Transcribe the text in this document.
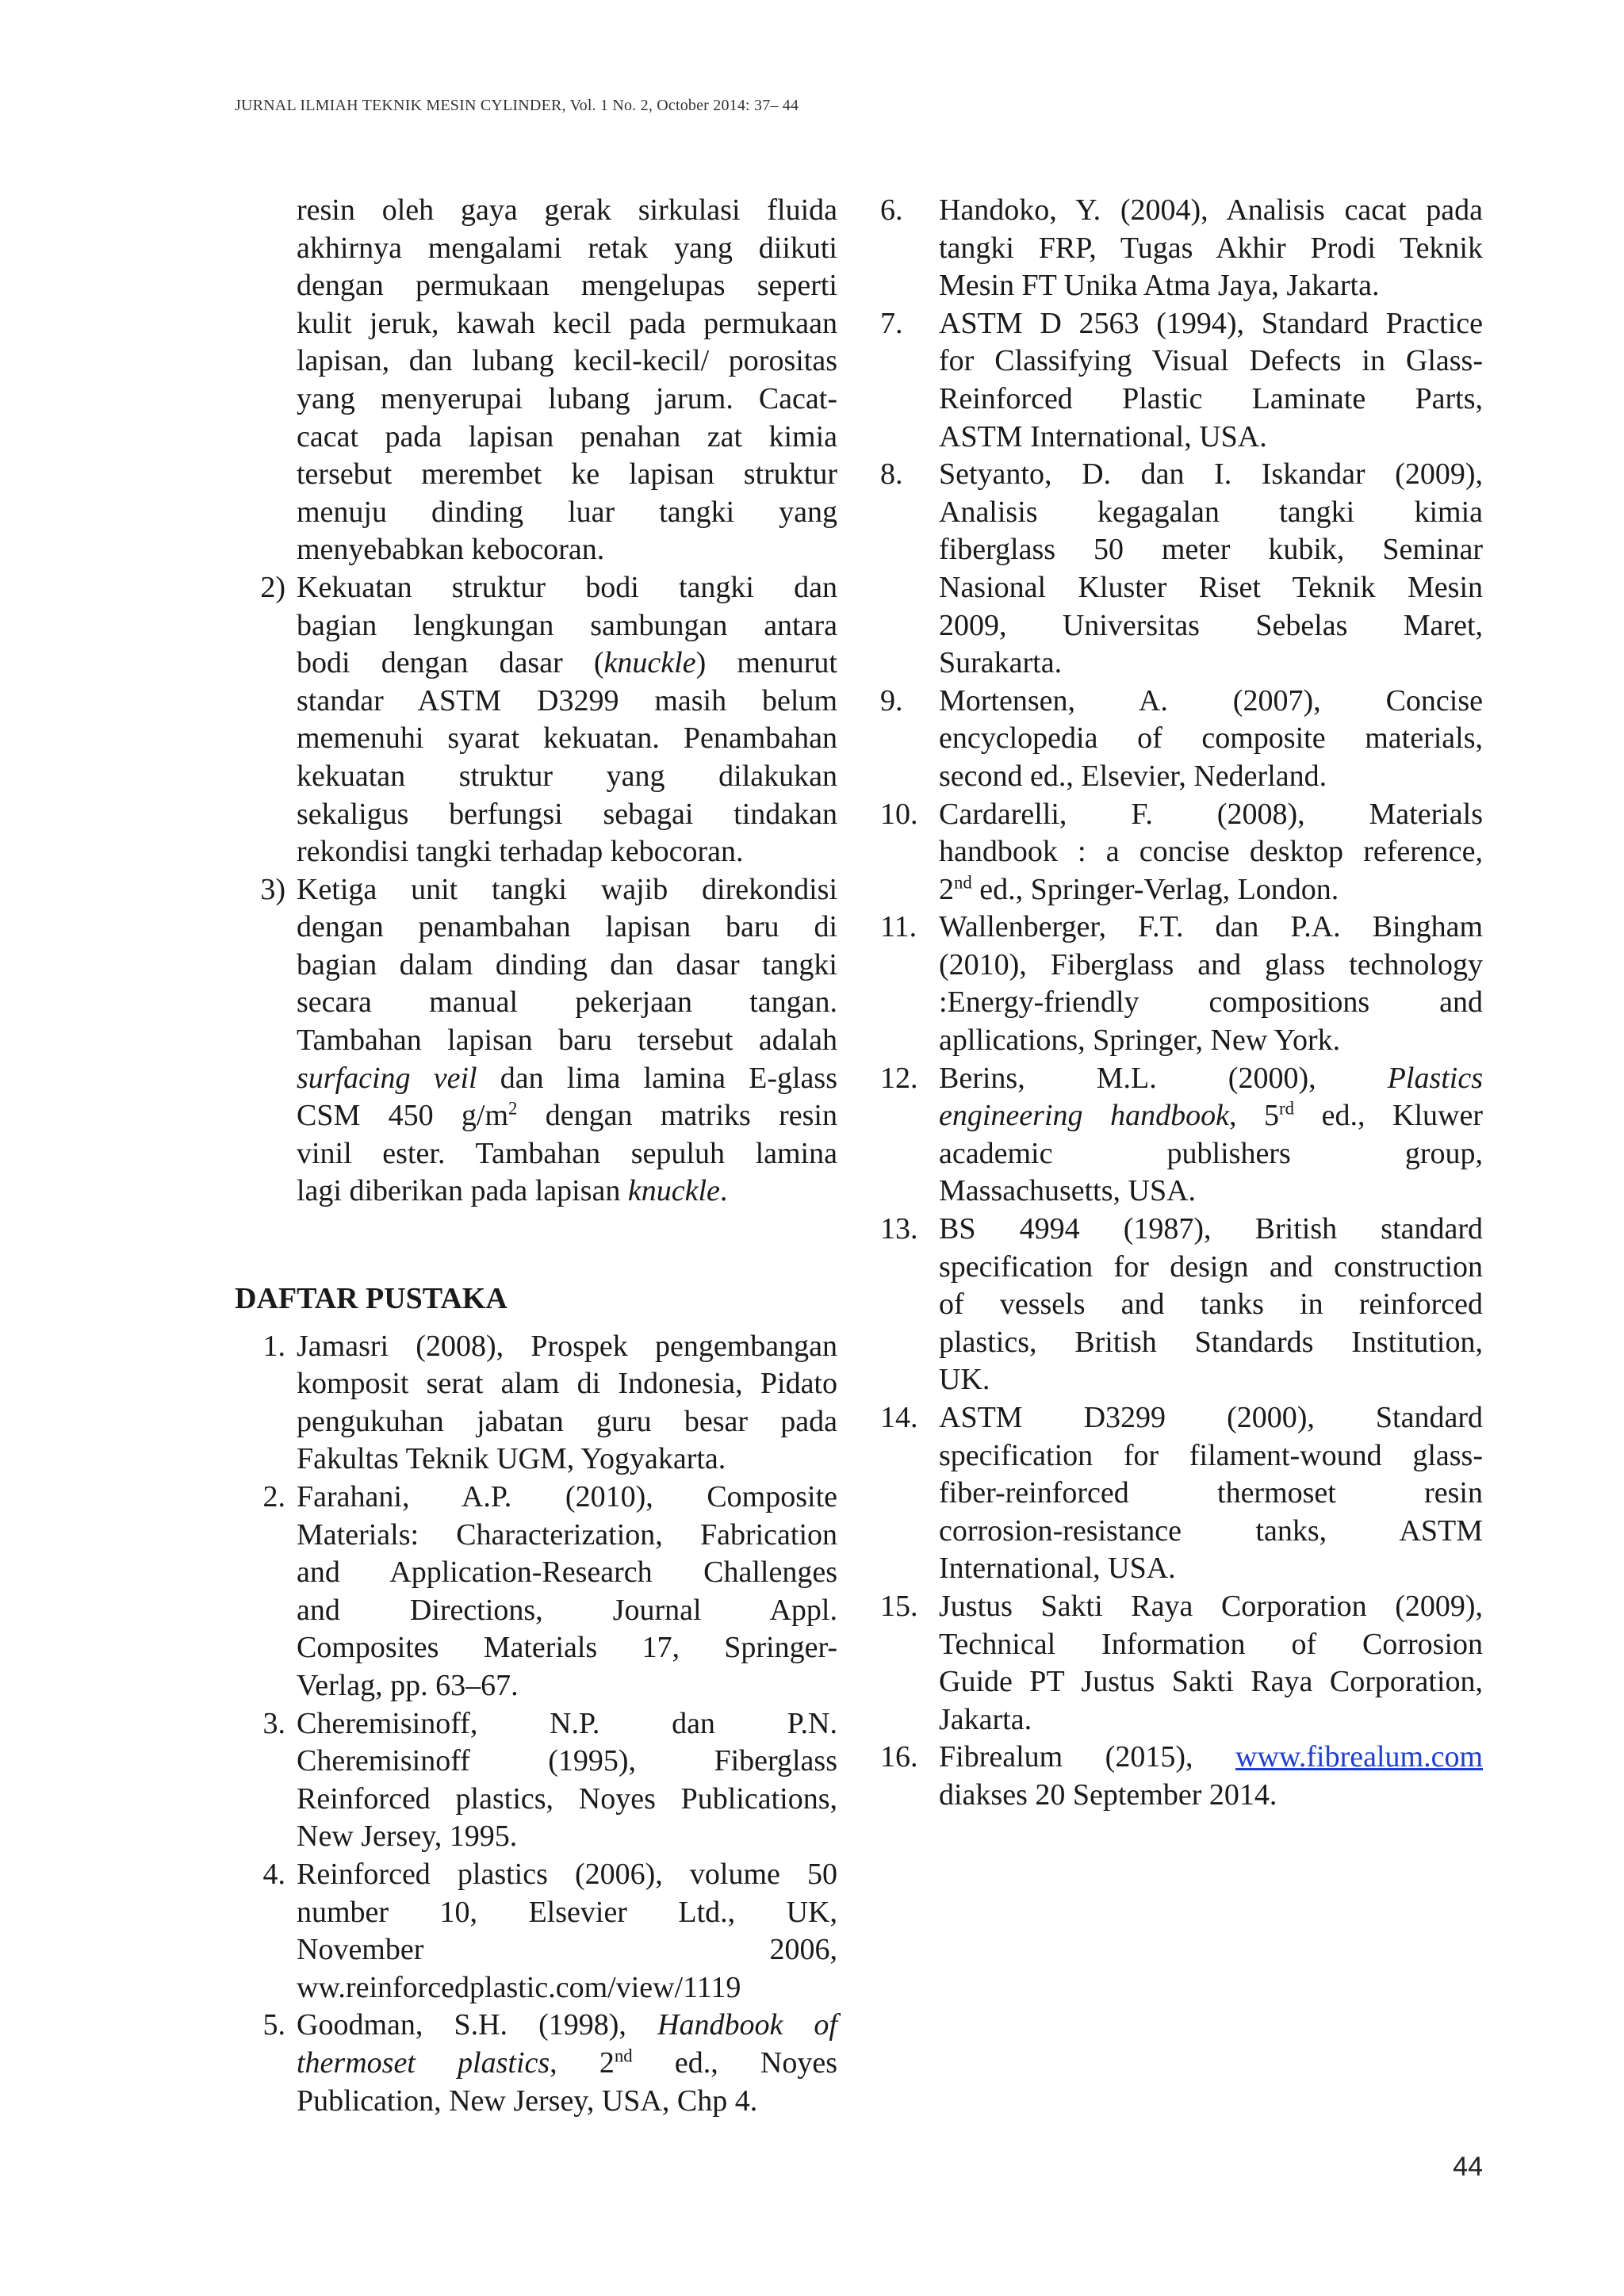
JURNAL ILMIAH TEKNIK MESIN CYLINDER, Vol. 1 No. 2, October 2014: 37– 44
resin oleh gaya gerak sirkulasi fluida
akhirnya mengalami retak yang diikuti
dengan permukaan mengelupas seperti
kulit jeruk, kawah kecil pada permukaan
lapisan, dan lubang kecil-kecil/ porositas
yang menyerupai lubang jarum. Cacat-
cacat pada lapisan penahan zat kimia
tersebut merembet ke lapisan struktur
menuju dinding luar tangki yang
menyebabkan kebocoran.
2) Kekuatan struktur bodi tangki dan
bagian lengkungan sambungan antara
bodi dengan dasar (knuckle) menurut
standar ASTM D3299 masih belum
memenuhi syarat kekuatan. Penambahan
kekuatan struktur yang dilakukan
sekaligus berfungsi sebagai tindakan
rekondisi tangki terhadap kebocoran.
3) Ketiga unit tangki wajib direkondisi
dengan penambahan lapisan baru di
bagian dalam dinding dan dasar tangki
secara manual pekerjaan tangan.
Tambahan lapisan baru tersebut adalah
surfacing veil dan lima lamina E-glass
CSM 450 $g/m^2$ dengan matriks resin
vinil ester. Tambahan sepuluh lamina
lagi diberikan pada lapisan knuckle.
DAFTAR PUSTAKA
1. Jamasri (2008), Prospek pengembangan
komposit serat alam di Indonesia, Pidato
pengukuhan jabatan guru besar pada
Fakultas Teknik UGM, Yogyakarta.
2. Farahani, A.P. (2010), Composite
Materials: Characterization, Fabrication
and Application-Research Challenges
and Directions, Journal Appl.
Composites Materials 17, Springer-
Verlag, pp. 63–67.
3. Cheremisinoff, N.P. dan P.N.
Cheremisinoff (1995), Fiberglass
Reinforced plastics, Noyes Publications,
New Jersey, 1995.
4. Reinforced plastics (2006), volume 50
number 10, Elsevier Ltd., UK,
November 2006,
ww.reinforcedplastic.com/view/1119
5. Goodman, S.H. (1998), Handbook of
thermoset plastics, 2nd ed., Noyes
Publication, New Jersey, USA, Chp 4.
6.	Handoko, Y. (2004), Analisis cacat pada
tangki FRP, Tugas Akhir Prodi Teknik
Mesin FT Unika Atma Jaya, Jakarta.
7.	ASTM D 2563 (1994), Standard Practice
for Classifying Visual Defects in Glass-
Reinforced Plastic Laminate Parts,
ASTM International, USA.
8.	Setyanto, D. dan I. Iskandar (2009),
Analisis kegagalan tangki kimia
fiberglass 50 meter kubik, Seminar
Nasional Kluster Riset Teknik Mesin
2009, Universitas Sebelas Maret,
Surakarta.
9.	Mortensen, A. (2007), Concise
encyclopedia of composite materials,
second ed., Elsevier, Nederland.
10. Cardarelli, F. (2008), Materials
handbook : a concise desktop reference,
2nd ed., Springer-Verlag, London.
11. Wallenberger, F.T. dan P.A. Bingham
(2010), Fiberglass and glass technology
:Energy-friendly compositions and
apllications, Springer, New York.
12. Berins, M.L. (2000), Plastics
engineering handbook, 5rd ed., Kluwer
academic publishers group,
Massachusetts, USA.
13. BS 4994 (1987), British standard
specification for design and construction
of vessels and tanks in reinforced
plastics, British Standards Institution,
UK.
14. ASTM D3299 (2000), Standard
specification for filament-wound glass-
fiber-reinforced thermoset resin
corrosion-resistance tanks, ASTM
International, USA.
15. Justus Sakti Raya Corporation (2009),
Technical Information of Corrosion
Guide PT Justus Sakti Raya Corporation,
Jakarta.
16. Fibrealum (2015), www.fibrealum.com
diakses 20 September 2014.
44
